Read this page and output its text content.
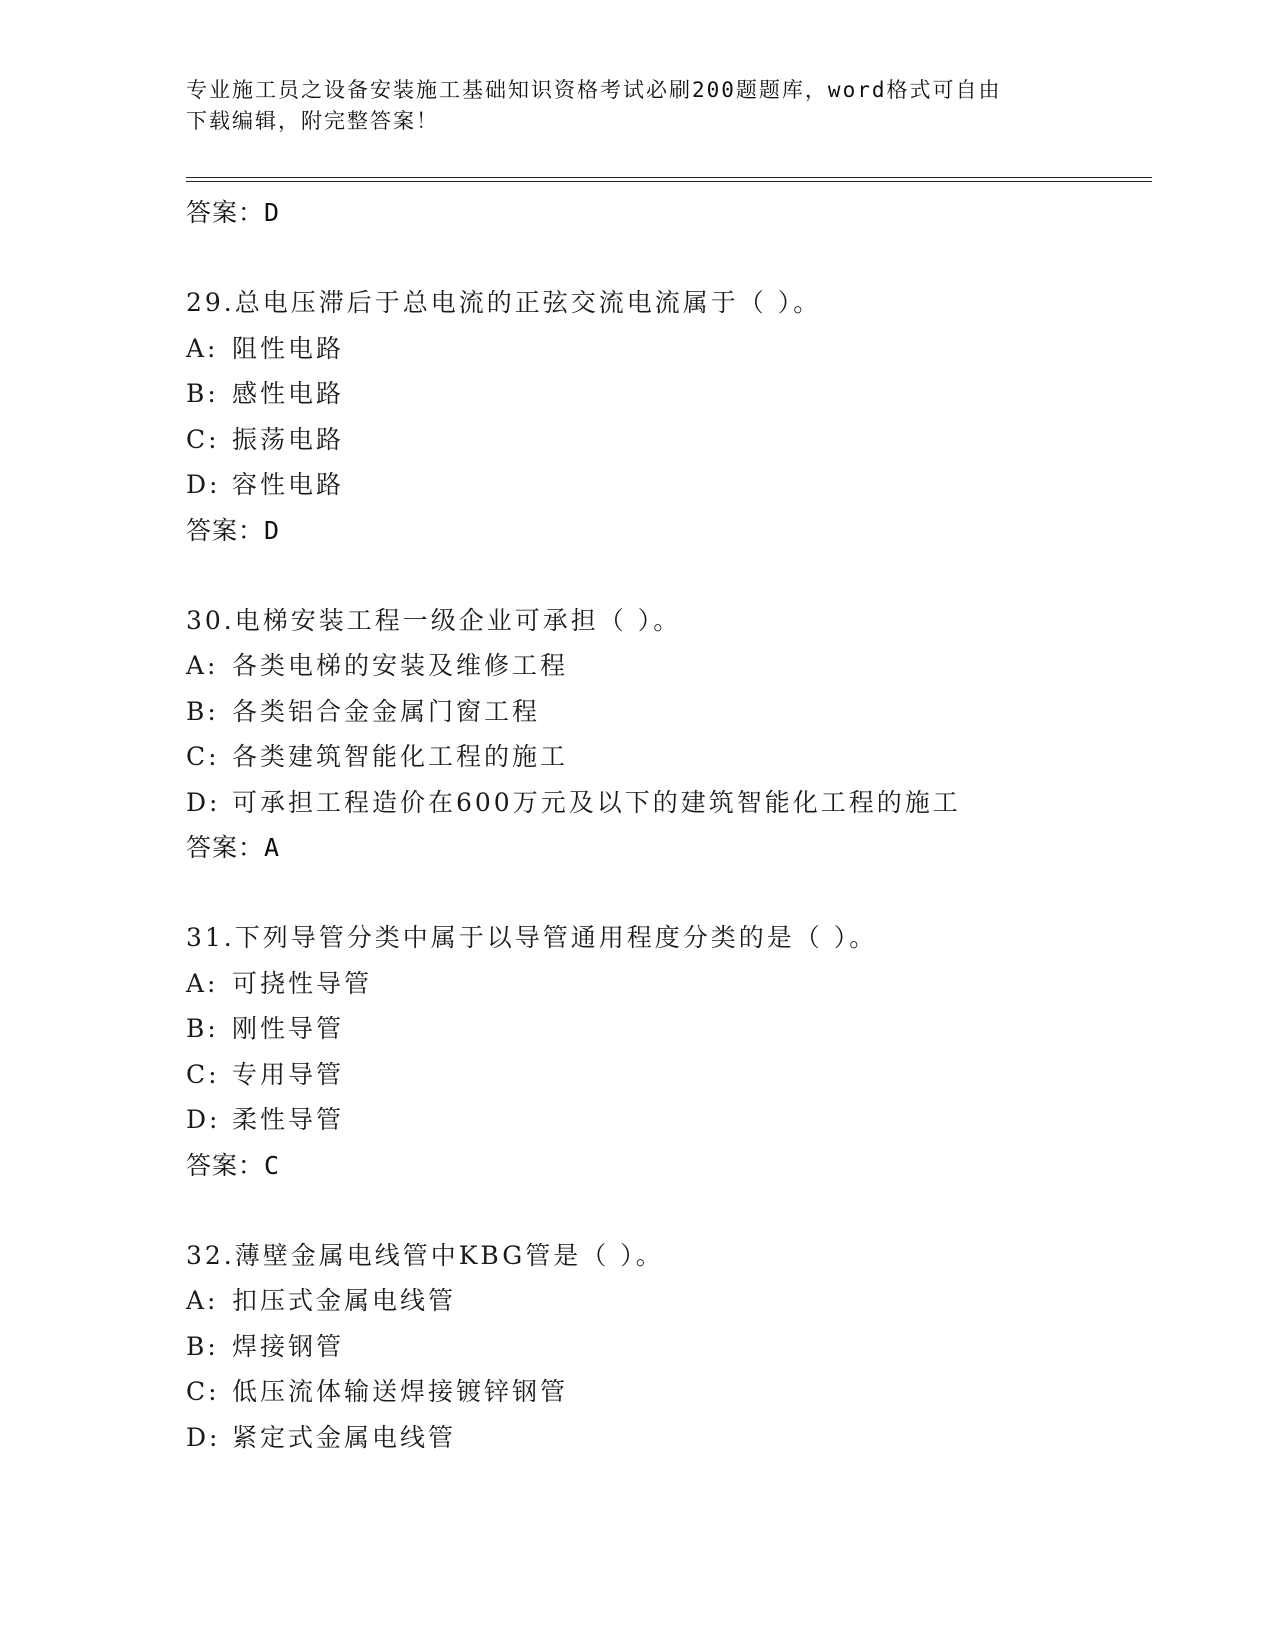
专业施工员之设备安装施工基础知识资格考试必刷200题题库，word格式可自由
下载编辑，附完整答案！
答案：D
29.总电压滞后于总电流的正弦交流电流属于（ ）。
A: 阻性电路
B: 感性电路
C: 振荡电路
D: 容性电路
答案：D
30.电梯安装工程一级企业可承担（ ）。
A: 各类电梯的安装及维修工程
B: 各类铝合金金属门窗工程
C: 各类建筑智能化工程的施工
D: 可承担工程造价在600万元及以下的建筑智能化工程的施工
答案：A
31.下列导管分类中属于以导管通用程度分类的是（ ）。
A: 可挠性导管
B: 刚性导管
C: 专用导管
D: 柔性导管
答案：C
32.薄壁金属电线管中KBG管是（ ）。
A: 扣压式金属电线管
B: 焊接钢管
C: 低压流体输送焊接镀锌钢管
D: 紧定式金属电线管
